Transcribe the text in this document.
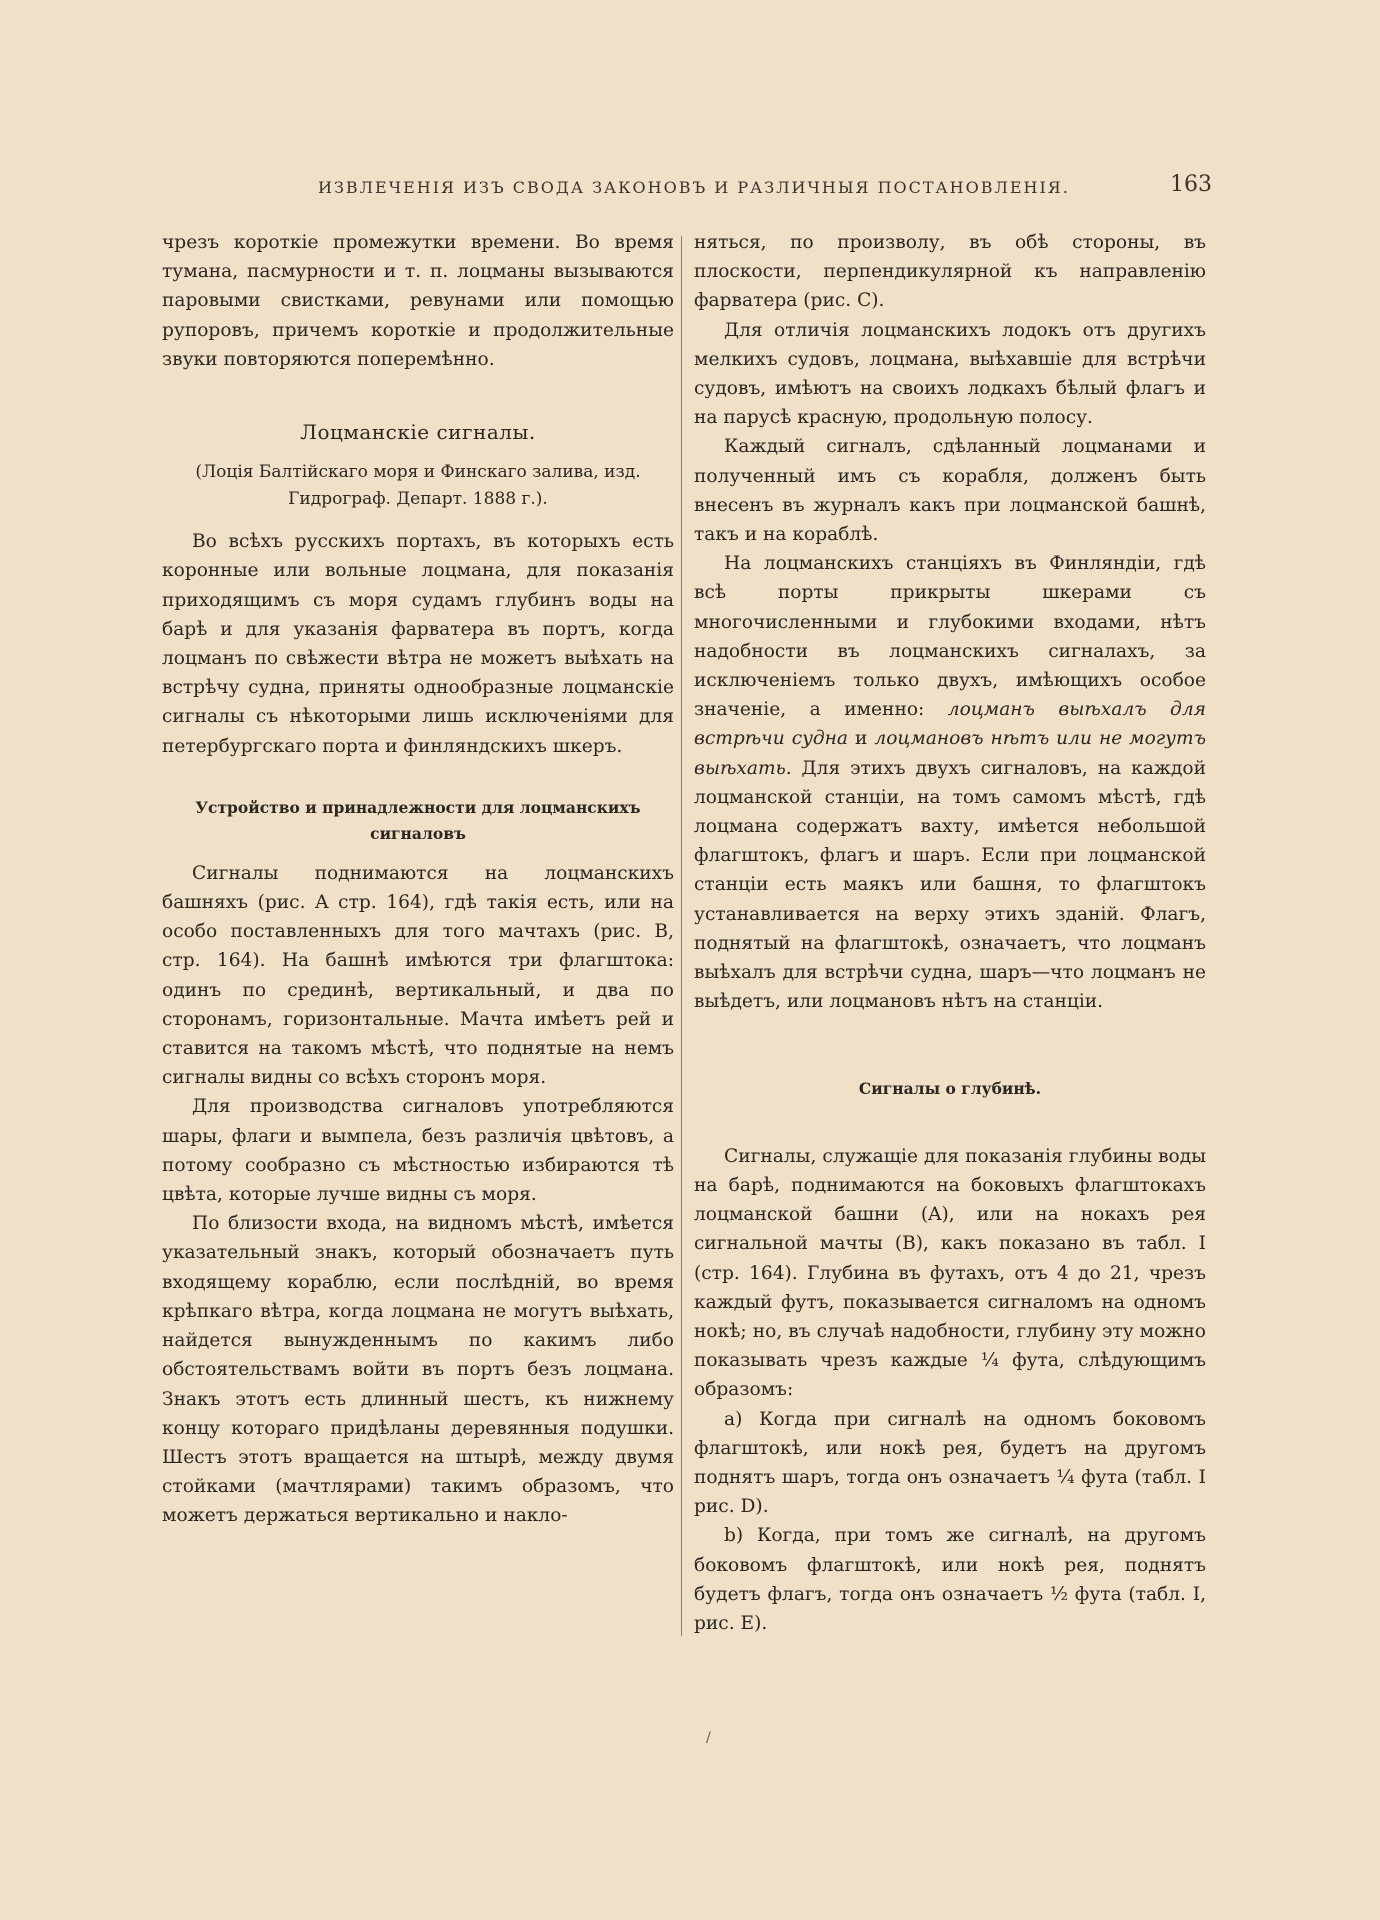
ИЗВЛЕЧЕНІЯ ИЗЪ СВОДА ЗАКОНОВЪ И РАЗЛИЧНЫЯ ПОСТАНОВЛЕНІЯ.	163

чрезъ короткіе промежутки времени. Во время тумана, пасмурности и т. п. лоцманы вызываются паровыми свистками, ревунами или помощью рупоровъ, причемъ короткіе и продолжительные звуки повторяются поперемѣнно.

Лоцманскіе сигналы.
(Лоція Балтійскаго моря и Финскаго залива, изд. Гидрограф. Департ. 1888 г.).

Во всѣхъ русскихъ портахъ, въ которыхъ есть коронные или вольные лоцмана, для показанія приходящимъ съ моря судамъ глубинъ воды на барѣ и для указанія фарватера въ портъ, когда лоцманъ по свѣжести вѣтра не можетъ выѣхать на встрѣчу судна, приняты однообразные лоцманскіе сигналы съ нѣкоторыми лишь исключеніями для петербургскаго порта и финляндскихъ шкеръ.

Устройство и принадлежности для лоцманскихъ сигналовъ

Сигналы поднимаются на лоцманскихъ башняхъ (рис. A стр. 164), гдѣ такія есть, или на особо поставленныхъ для того мачтахъ (рис. B, стр. 164). На башнѣ имѣются три флагштока: одинъ по срединѣ, вертикальный, и два по сторонамъ, горизонтальные. Мачта имѣетъ рей и ставится на такомъ мѣстѣ, что поднятые на немъ сигналы видны со всѣхъ сторонъ моря.

Для производства сигналовъ употребляются шары, флаги и вымпела, безъ различія цвѣтовъ, а потому сообразно съ мѣстностью избираются тѣ цвѣта, которые лучше видны съ моря.

По близости входа, на видномъ мѣстѣ, имѣется указательный знакъ, который обозначаетъ путь входящему кораблю, если послѣдній, во время крѣпкаго вѣтра, когда лоцмана не могутъ выѣхать, найдется вынужденнымъ по какимъ либо обстоятельствамъ войти въ портъ безъ лоцмана. Знакъ этотъ есть длинный шестъ, къ нижнему концу котораго придѣланы деревянныя подушки. Шестъ этотъ вращается на штырѣ, между двумя стойками (мачтлярами) такимъ образомъ, что можетъ держаться вертикально и накло-

няться, по произволу, въ обѣ стороны, въ плоскости, перпендикулярной къ направленію фарватера (рис. C).

Для отличія лоцманскихъ лодокъ отъ другихъ мелкихъ судовъ, лоцмана, выѣхавшіе для встрѣчи судовъ, имѣютъ на своихъ лодкахъ бѣлый флагъ и на парусѣ красную, продольную полосу.

Каждый сигналъ, сдѣланный лоцманами и полученный имъ съ корабля, долженъ быть внесенъ въ журналъ какъ при лоцманской башнѣ, такъ и на кораблѣ.

На лоцманскихъ станціяхъ въ Финляндіи, гдѣ всѣ порты прикрыты шкерами съ многочисленными и глубокими входами, нѣтъ надобности въ лоцманскихъ сигналахъ, за исключеніемъ только двухъ, имѣющихъ особое значеніе, а именно: лоцманъ выѣхалъ для встрѣчи судна и лоцмановъ нѣтъ или не могутъ выѣхать. Для этихъ двухъ сигналовъ, на каждой лоцманской станціи, на томъ самомъ мѣстѣ, гдѣ лоцмана содержатъ вахту, имѣется небольшой флагштокъ, флагъ и шаръ. Если при лоцманской станціи есть маякъ или башня, то флагштокъ устанавливается на верху этихъ зданій. Флагъ, поднятый на флагштокѣ, означаетъ, что лоцманъ выѣхалъ для встрѣчи судна, шаръ—что лоцманъ не выѣдетъ, или лоцмановъ нѣтъ на станціи.

Сигналы о глубинѣ.

Сигналы, служащіе для показанія глубины воды на барѣ, поднимаются на боковыхъ флагштокахъ лоцманской башни (A), или на нокахъ рея сигнальной мачты (B), какъ показано въ табл. I (стр. 164). Глубина въ футахъ, отъ 4 до 21, чрезъ каждый футъ, показывается сигналомъ на одномъ нокѣ; но, въ случаѣ надобности, глубину эту можно показывать чрезъ каждые ¼ фута, слѣдующимъ образомъ:

a) Когда при сигналѣ на одномъ боковомъ флагштокѣ, или нокѣ рея, будетъ на другомъ поднятъ шаръ, тогда онъ означаетъ ¼ фута (табл. I рис. D).

b) Когда, при томъ же сигналѣ, на другомъ боковомъ флагштокѣ, или нокѣ рея, поднятъ будетъ флагъ, тогда онъ означаетъ ½ фута (табл. I, рис. E).

/
